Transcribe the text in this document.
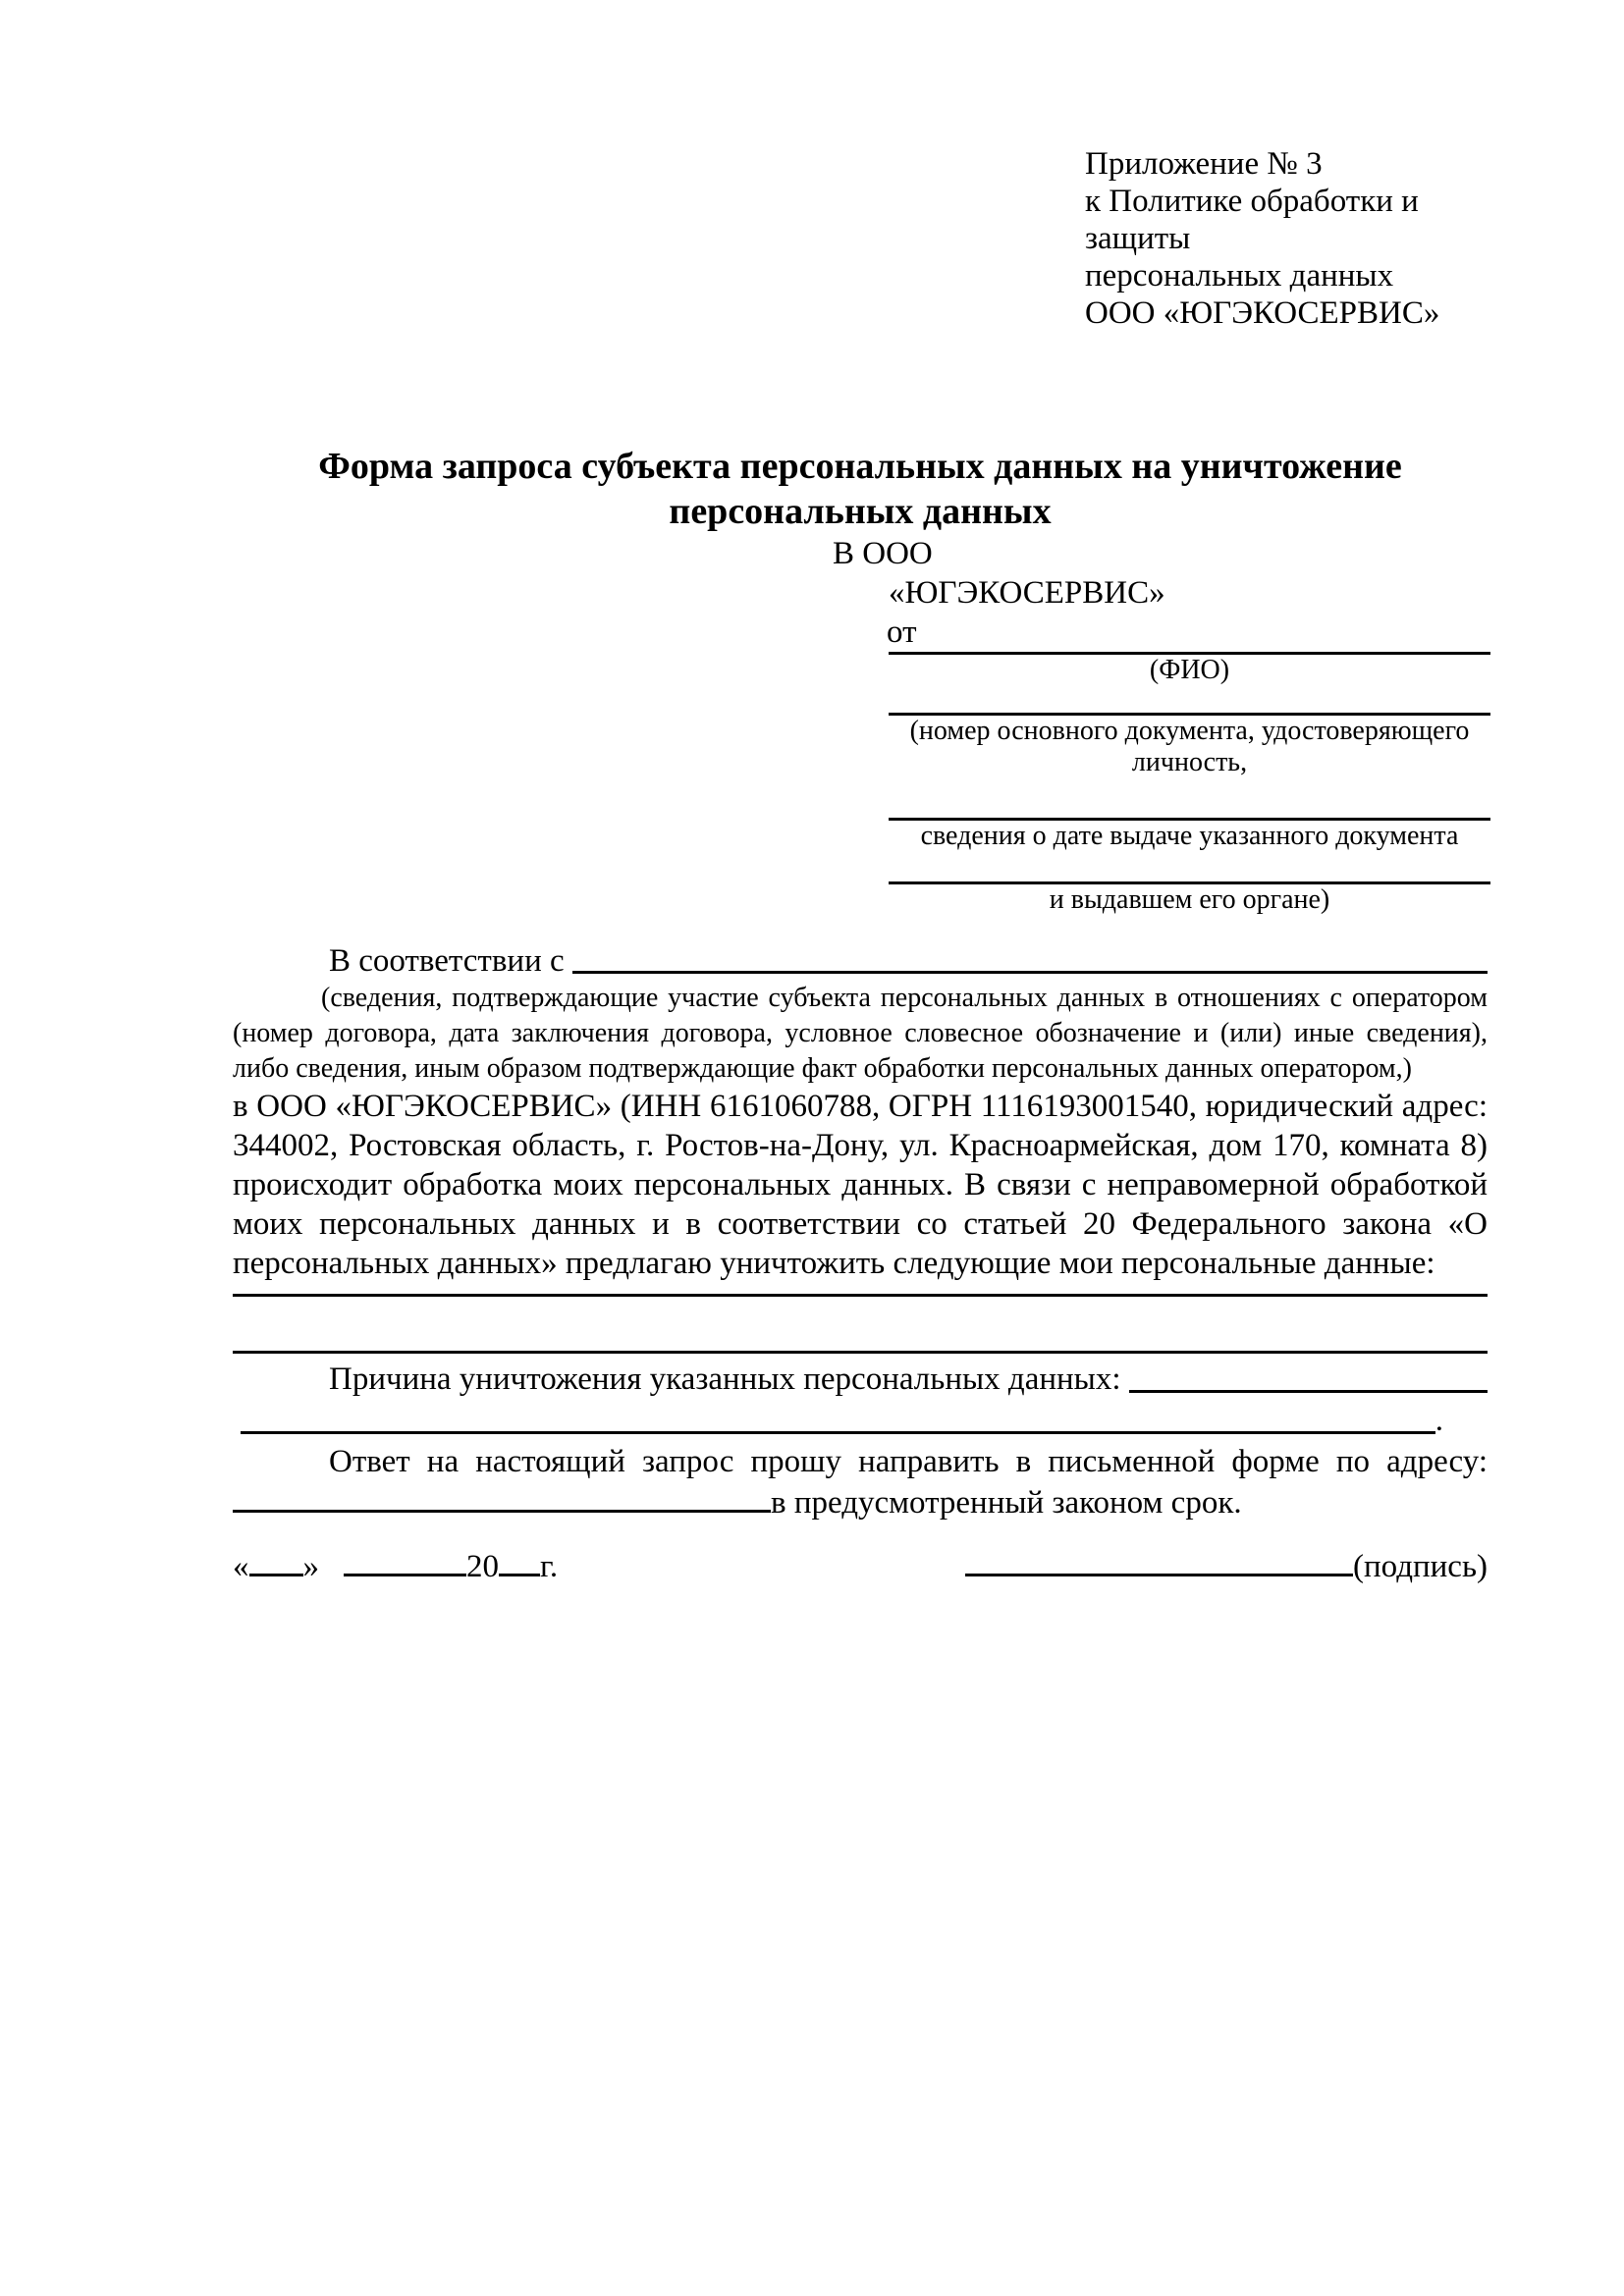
Приложение № 3
к Политике обработки и защиты
персональных данных
ООО «ЮГЭКОСЕРВИС»
Форма запроса субъекта персональных данных на уничтожение
персональных данных
В ООО
«ЮГЭКОСЕРВИС»
от
(ФИО)
(номер основного документа, удостоверяющего личность,
сведения о дате выдаче указанного документа
и выдавшем его органе)
В соответствии с
(сведения, подтверждающие участие субъекта персональных данных в отношениях с оператором (номер договора, дата заключения договора, условное словесное обозначение и (или) иные сведения), либо сведения, иным образом подтверждающие факт обработки персональных данных оператором,)
в ООО «ЮГЭКОСЕРВИС» (ИНН 6161060788, ОГРН 1116193001540, юридический адрес: 344002, Ростовская область, г. Ростов-на-Дону, ул. Красноармейская, дом 170, комната 8) происходит обработка моих персональных данных. В связи с неправомерной обработкой моих персональных данных и в соответствии со статьей 20 Федерального закона «О персональных данных» предлагаю уничтожить следующие мои персональные данные:
Причина уничтожения указанных персональных данных:
.
Ответ на настоящий запрос прошу направить в письменной форме по адресу:
в предусмотренный законом срок.
« »	20 г.	(подпись)
